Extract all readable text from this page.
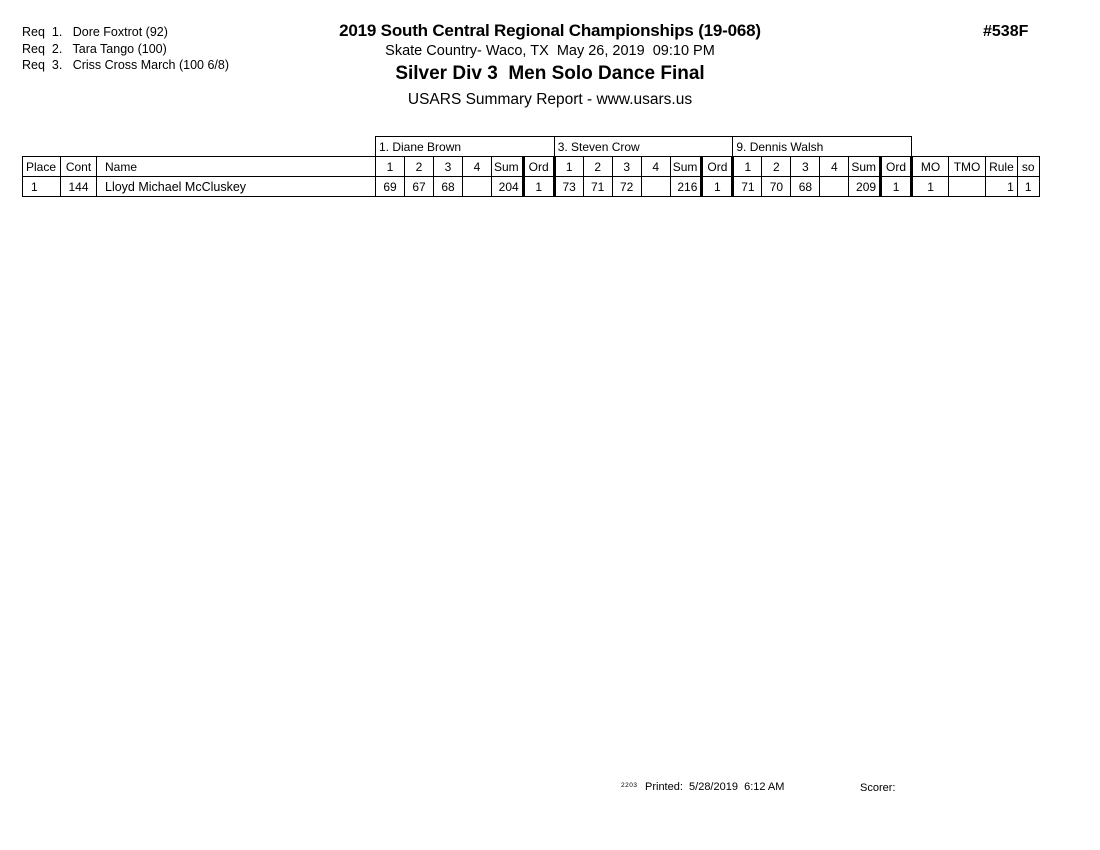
Req  1.   Dore Foxtrot (92)
Req  2.   Tara Tango (100)
Req  3.   Criss Cross March (100 6/8)
2019 South Central Regional Championships (19-068)
Skate Country- Waco, TX  May 26, 2019  09:10 PM
Silver Div 3  Men Solo Dance Final
USARS Summary Report - www.usars.us
#538F
			1. Diane Brown						3. Steven Crow						9. Dennis Walsh									
Place	Cont	Name	1	2	3	4	Sum	Ord	1	2	3	4	Sum	Ord	1	2	3	4	Sum	Ord	MO	TMO	Rule	so
1	144	Lloyd Michael McCluskey	69	67	68		204	1	73	71	72		216	1	71	70	68		209	1	1		1	1
2203 Printed:  5/28/2019  6:12 AM	Scorer:
